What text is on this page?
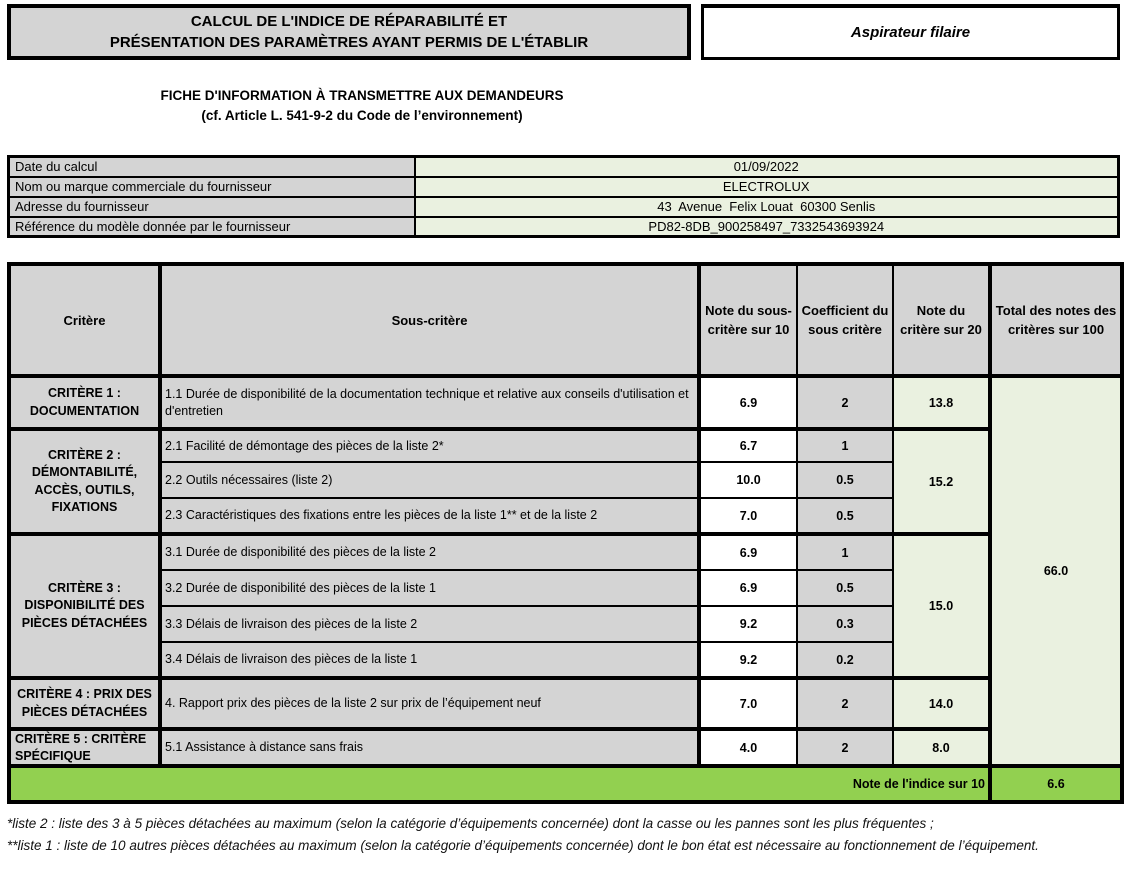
CALCUL DE L'INDICE DE RÉPARABILITÉ ET
PRÉSENTATION DES PARAMÈTRES AYANT PERMIS DE L'ÉTABLIR
Aspirateur filaire
FICHE D'INFORMATION À TRANSMETTRE AUX DEMANDEURS
(cf. Article L. 541-9-2 du Code de l’environnement)
Date du calcul	01/09/2022
Nom ou marque commerciale du fournisseur	ELECTROLUX
Adresse du fournisseur	43  Avenue  Felix Louat  60300 Senlis
Référence du modèle donnée par le fournisseur	PD82-8DB_900258497_7332543693924
Critère	Sous-critère	Note du sous-critère sur 10	Coefficient du sous critère	Note du critère sur 20	Total des notes des critères sur 100
CRITÈRE 1 : DOCUMENTATION	1.1 Durée de disponibilité de la documentation technique et relative aux conseils d'utilisation et d'entretien	6.9	2	13.8	66.0
CRITÈRE 2 : DÉMONTABILITÉ, ACCÈS, OUTILS, FIXATIONS	2.1 Facilité de démontage des pièces de la liste 2*	6.7	1	15.2	
	2.2 Outils nécessaires (liste 2)	10.0	0.5		
	2.3 Caractéristiques des fixations entre les pièces de la liste 1** et de la liste 2	7.0	0.5		
CRITÈRE 3 : DISPONIBILITÉ DES PIÈCES DÉTACHÉES	3.1 Durée de disponibilité des pièces de la liste 2	6.9	1	15.0	
	3.2 Durée de disponibilité des pièces de la liste 1	6.9	0.5		
	3.3 Délais de livraison des pièces de la liste 2	9.2	0.3		
	3.4 Délais de livraison des pièces de la liste 1	9.2	0.2		
CRITÈRE 4 : PRIX DES PIÈCES DÉTACHÉES	4. Rapport prix des pièces de la liste 2 sur prix de l’équipement neuf	7.0	2	14.0	
CRITÈRE 5 : CRITÈRE SPÉCIFIQUE	5.1 Assistance à distance sans frais	4.0	2	8.0	
Note de l'indice sur 10					6.6
*liste 2 : liste des 3 à 5 pièces détachées au maximum (selon la catégorie d’équipements concernée) dont la casse ou les pannes sont les plus fréquentes ;
**liste 1 : liste de 10 autres pièces détachées au maximum (selon la catégorie d’équipements concernée) dont le bon état est nécessaire au fonctionnement de l’équipement.
